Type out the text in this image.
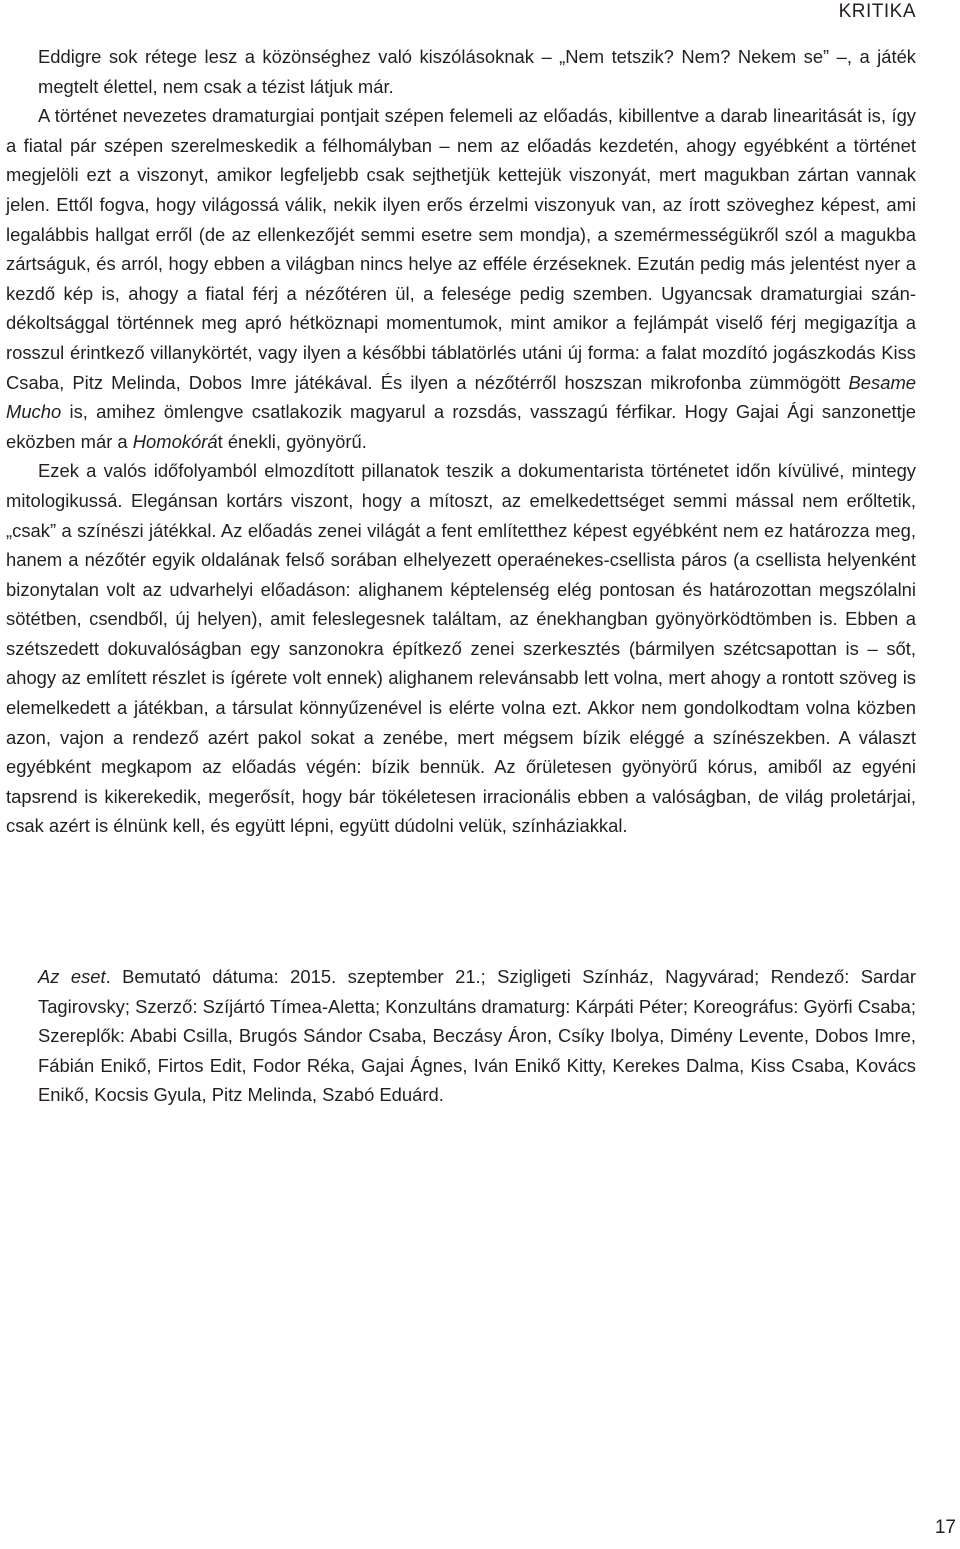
KRITIKA

Eddigre sok rétege lesz a közönséghez való kiszólásoknak – „Nem tetszik? Nem? Nekem se” –, a játék megtelt élettel, nem csak a tézist látjuk már.

A történet nevezetes dramaturgiai pontjait szépen felemeli az előadás, kibillentve a darab linearitását is, így a fiatal pár szépen szerelmeskedik a félhomályban – nem az előadás kezdetén, ahogy egyébként a történet megjelöli ezt a viszonyt, amikor legfeljebb csak sejthetjük kettejük viszonyát, mert magukban zártan vannak jelen. Ettől fogva, hogy világossá válik, nekik ilyen erős érzelmi viszonyuk van, az írott szöveghez képest, ami legalábbis hallgat erről (de az ellenkezőjét semmi esetre sem mondja), a szemérmességükről szól a magukba zártságuk, és arról, hogy ebben a világban nincs helye az efféle érzéseknek. Ezután pedig más jelentést nyer a kezdő kép is, ahogy a fiatal férj a nézőtéren ül, a felesége pedig szemben. Ugyancsak dramaturgiai szándékoltsággal történnek meg apró hétköznapi momentumok, mint amikor a fejlámpát viselő férj megigazítja a rosszul érintkező villanykörtét, vagy ilyen a későbbi táblatörlés utáni új forma: a falat mozdító jogászkodás Kiss Csaba, Pitz Melinda, Dobos Imre játékával. És ilyen a nézőtérről hoszszan mikrofonba zümmögött Besame Mucho is, amihez ömlengve csatlakozik magyarul a rozsdás, vasszagú férfikar. Hogy Gajai Ági sanzonettje eközben már a Homokórát énekli, gyönyörű.

Ezek a valós időfolyamból elmozdított pillanatok teszik a dokumentarista történetet időn kívülivé, mintegy mitologikussá. Elegánsan kortárs viszont, hogy a mítoszt, az emelkedettséget semmi mással nem erőltetik, „csak” a színészi játékkal. Az előadás zenei világát a fent említetthez képest egyébként nem ez határozza meg, hanem a nézőtér egyik oldalának felső sorában elhelyezett operaénekes-csellista páros (a csellista helyenként bizonytalan volt az udvarhelyi előadáson: alighanem képtelenség elég pontosan és határozottan megszólalni sötétben, csendből, új helyen), amit feleslegesnek találtam, az énekhangban gyönyörködtömben is. Ebben a szétszedett dokuvalóságban egy sanzonokra építkező zenei szerkesztés (bármilyen szétcsapottan is – sőt, ahogy az említett részlet is ígérete volt ennek) alighanem relevánsabb lett volna, mert ahogy a rontott szöveg is elemelkedett a játékban, a társulat könnyűzenével is elérte volna ezt. Akkor nem gondolkodtam volna közben azon, vajon a rendező azért pakol sokat a zenébe, mert mégsem bízik eléggé a színészekben. A választ egyébként megkapom az előadás végén: bízik bennük. Az őrületesen gyönyörű kórus, amiből az egyéni tapsrend is kikerekedik, megerősít, hogy bár tökéletesen irracionális ebben a valóságban, de világ proletárjai, csak azért is élnünk kell, és együtt lépni, együtt dúdolni velük, színháziakkal.

Az eset. Bemutató dátuma: 2015. szeptember 21.; Szigligeti Színház, Nagyvárad; Rendező: Sardar Tagirovsky; Szerző: Szíjártó Tímea-Aletta; Konzultáns dramaturg: Kárpáti Péter; Koreográfus: Györfi Csaba; Szereplők: Ababi Csilla, Brugós Sándor Csaba, Beczásy Áron, Csíky Ibolya, Dimény Levente, Dobos Imre, Fábián Enikő, Firtos Edit, Fodor Réka, Gajai Ágnes, Iván Enikő Kitty, Kerekes Dalma, Kiss Csaba, Kovács Enikő, Kocsis Gyula, Pitz Melinda, Szabó Eduárd.

17
